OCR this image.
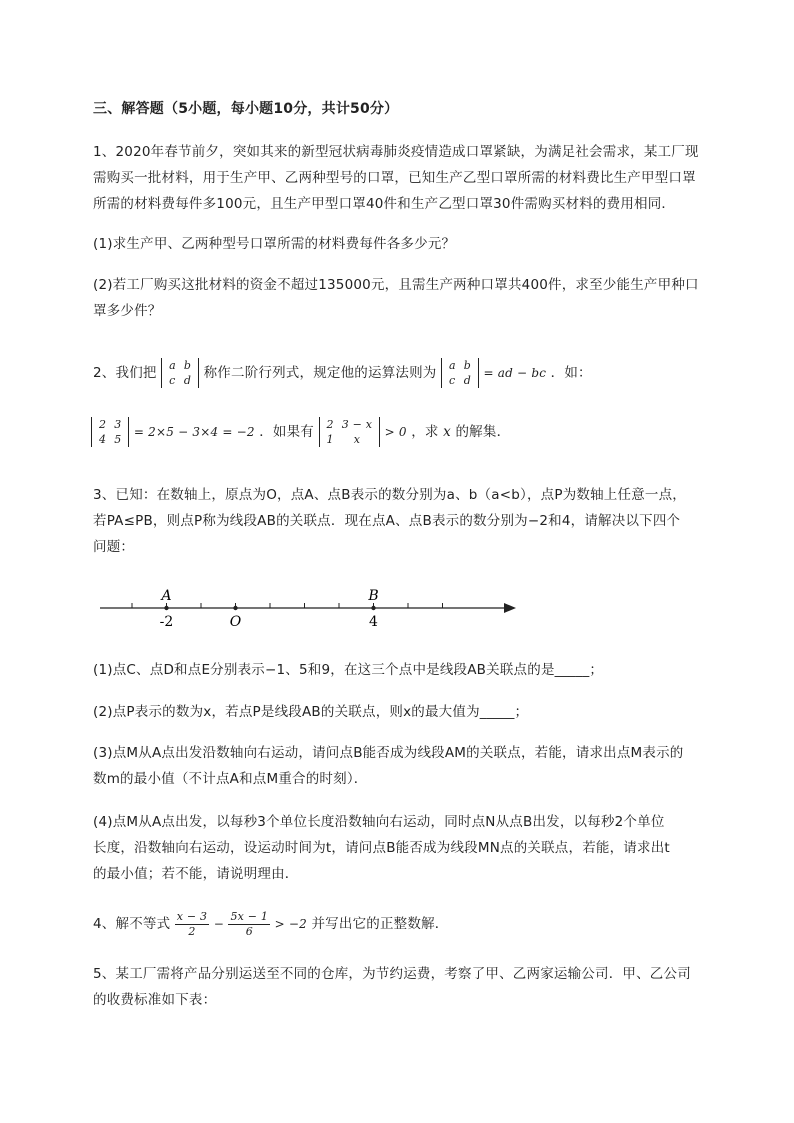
三、解答题（5小题，每小题10分，共计50分）
1、2020年春节前夕，突如其来的新型冠状病毒肺炎疫情造成口罩紧缺，为满足社会需求，某工厂现
需购买一批材料，用于生产甲、乙两种型号的口罩，已知生产乙型口罩所需的材料费比生产甲型口罩
所需的材料费每件多100元，且生产甲型口罩40件和生产乙型口罩30件需购买材料的费用相同．
(1)求生产甲、乙两种型号口罩所需的材料费每件各多少元？
(2)若工厂购买这批材料的资金不超过135000元，且需生产两种口罩共400件，求至少能生产甲种口
罩多少件？
2、我们把 a	b
c	d 称作二阶行列式，规定他的运算法则为 a	b
c	d
= ad − bc ．如：
2	3
4	5
= 2×5 − 3×4 = −2 ．如果有 2	3 − x
1	x
> 0 ，求 x 的解集．
3、已知：在数轴上，原点为O，点A、点B表示的数分别为a、b（a<b），点P为数轴上任意一点，
若PA≤PB，则点P称为线段AB的关联点．现在点A、点B表示的数分别为−2和4，请解决以下四个
问题：
A	B
O
-2	4
(1)点C、点D和点E分别表示−1、5和9，在这三个点中是线段AB关联点的是_____；
(2)点P表示的数为x，若点P是线段AB的关联点，则x的最大值为_____；
(3)点M从A点出发沿数轴向右运动，请问点B能否成为线段AM的关联点，若能，请求出点M表示的
数m的最小值（不计点A和点M重合的时刻）．
(4)点M从A点出发，以每秒3个单位长度沿数轴向右运动，同时点N从点B出发，以每秒2个单位
长度，沿数轴向右运动，设运动时间为t，请问点B能否成为线段MN点的关联点，若能，请求出t
的最小值；若不能，请说明理由．
4、解不等式 $\frac{x - 3}{2} - \frac{5x - 1}{6} > -2$ 并写出它的正整数解．
5、某工厂需将产品分别运送至不同的仓库，为节约运费，考察了甲、乙两家运输公司．甲、乙公司
的收费标准如下表：
